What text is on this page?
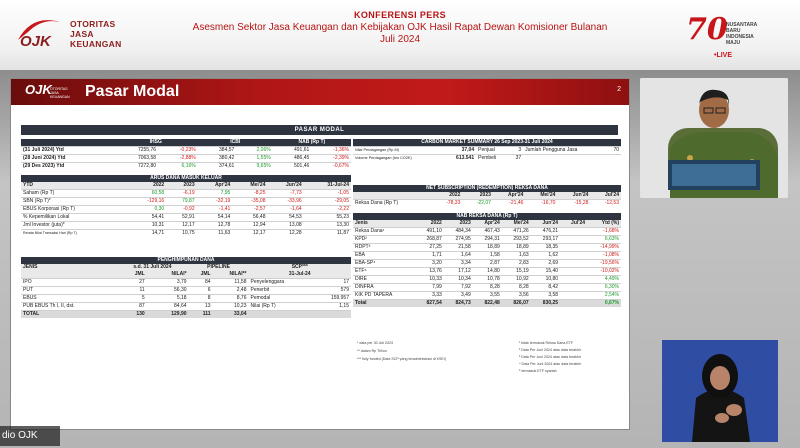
OJK
OTORITAS
JASA
KEUANGAN
KONFERENSI PERS
Asesmen Sektor Jasa Keuangan dan Kebijakan OJK Hasil Rapat Dewan Komisioner Bulanan
Juli 2024	70
NUSANTARA
BARU
INDONESIA
MAJU
•LIVE
OJK
OTORITAS
JASA
KEUANGAN Pasar Modal	2
PASAR MODAL
	IHSG		ICBI		NAB (Rp T)	
(31 Juli 2024) Ytd	7255,76	-0,23%	384,57	2,06%	491,61	-1,36%
(28 Juni 2024) Ytd	7063,58	-2,88%	380,42	1,55%	486,45	-2,39%
(29 Des 2023) Ytd	7272,80	6,16%	374,61	9,65%	501,46	-0,67%
ARUS DANA MASUK KELUAR						
YTD	2022	2023	Apr'24	Mei'24	Jun'24	31-Jul-24
Saham (Rp T)	60,58	-6,19	7,95	-8,25	-7,73	-1,05
SBN (Rp T)*	-129,16	79,87	-32,19	-35,08	-33,96	-29,05
EBUS Korporasi (Rp T)	0,30	-0,92	-1,41	-2,57	-1,64	-2,22
% Kepemilikan Lokal	54,41	52,91	54,14	56,48	54,53	55,23
Jml Investor (juta)*	10,31	12,17	12,78	12,94	13,08	13,30
Rerata Nilai Transaksi Hari (Rp T)	14,71	10,75	11,63	12,17	12,28	11,87
PENGHIMPUNAN DANA						
JENIS	s.d. 31 Juli 2024		PIPELINE		SCP***	
	JML	NILAI*	JML	NILAI**	31-Jul-24	
IPO	27	3,79	84	11,58	Penyelenggara	17
PUT	11	56,30	6	2,48	Penerbit	579
EBUS	5	5,18	8	8,76	Pemodal	159.957
PUB EBUS Th I, II, dst.	87	84,64	13	10,23	Nilai (Rp T)	1,15
TOTAL	130	129,90	111	33,04		
CARBON MARKET SUMMARY 26 Sep 2023-31 Juli 2024					
Nilai Perdagangan (Rp M)	37,04	Penjual	3	Jumlah Pengguna Jasa	70
Volume Perdagangan (ton CO2E)	613.541	Pembeli	37		
NET SUBSCRIPTION (REDEMPTION) REKSA DANA						
	2022	2023	Apr'24	Mei'24	Jun'24	Jul'24
Reksa Dana (Rp T)	-78,33	-22,07	-21,46	-16,70	-15,28	-12,53
NAB REKSA DANA (Rp T)							
Jenis	2022	2023	Apr'24	Mei'24	Jun'24	Jul'24	Ytd (%)
Reksa Dana¹	491,10	484,34	467,43	471,26	476,21		-1,68%
KPD²	268,87	274,95	294,31	293,52	293,17		6,63%
RDPT³	27,25	21,58	18,89	18,89	18,35		-14,99%
EBA	1,71	1,64	1,58	1,63	1,62		-1,08%
EBA-SP⁴	3,20	3,34	2,87	2,83	2,69		-19,56%
ETF⁵	13,76	17,12	14,80	15,19	15,40		-10,02%
DIRE	10,33	10,34	10,78	10,92	10,80		4,49%
DINFRA	7,99	7,92	8,28	8,28	8,42		6,30%
KIK PD TAPERA	3,33	3,49	3,55	3,56	3,58		2,54%
Total	827,54	824,73	822,48	826,07	830,25		0,67%
* data per 30 Juli 2024
** dalam Rp Triliun
*** fully funded (Data SCP yang teradministrasi di KSEI)
¹ tidak termasuk Reksa Dana ETF
² Data Per Juni 2024 atau data terakhir
³ Data Per Juni 2024 atau data terakhir
⁴ Data Per Juni 2024 atau data terakhir
⁵ termasuk ETF syariah
dio OJK
